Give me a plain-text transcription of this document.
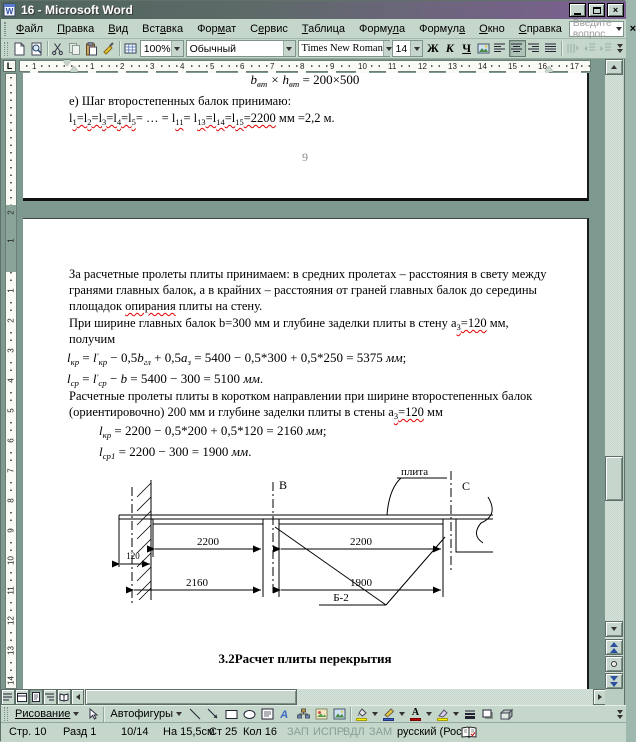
W 16 - Microsoft Word	×
Файл	Правка	Вид	Вставка	Формат	Сервис	Таблица	Формула	Формула	Окно	Справка	Введите вопрос	×
100% Обычный	Times New Roman 14 Ж К Ч
L	1	1	2	3	4	5	6	7	8	9	10	11	12	13	14	15	16	17
2
1
1
2
3
4
5
6
7
8
9
10
11
12
13
14
$b_{вт} \times h_{вт} = 200\times 500$
е) Шаг второстепенных балок принимаю:
$l_1=l_2=l_3=l_4=l_5=$ … = $l_{11}= l_{13}=l_{14}=l_{15}=2200$ мм =2,2 м.
9
За расчетные пролеты плиты принимаем: в средних пролетах – расстояния в свету между
гранями главных балок, а в крайних – расстояния от граней главных балок до середины
площадок опирания плиты на стену.
При ширине главных балок b=300 мм и глубине заделки плиты в стену $а_3=120$ мм,
получим
$l_{кр} = l'_{кр} - 0,5b_{гл} + 0,5а_з = 5400 - 0,5*300 + 0,5*250 = 5375$ мм;
$l_{ср} = l'_{ср} - b = 5400 - 300 = 5100$ мм.
Расчетные пролеты плиты в коротком направлении при ширине второстепенных балок
(ориентировочно) 200 мм и глубине заделки плиты в стены $а_3=120$ мм
$l_{кр} = 2200 - 0,5*200 + 0,5*120 = 2160$ мм;
$l_{ср1} = 2200 - 300 = 1900$ мм.
плита
В	С
2200	2200
2160	1900
120
Б-2
3.2Расчет плиты перекрытия
Рисование	Автофигуры	A	А
Стр. 10 Разд 1 10/14 На 15,5см
Ст 25 Кол 16 ЗАП ИСПР
ВДЛ ЗАМ русский (Рос
